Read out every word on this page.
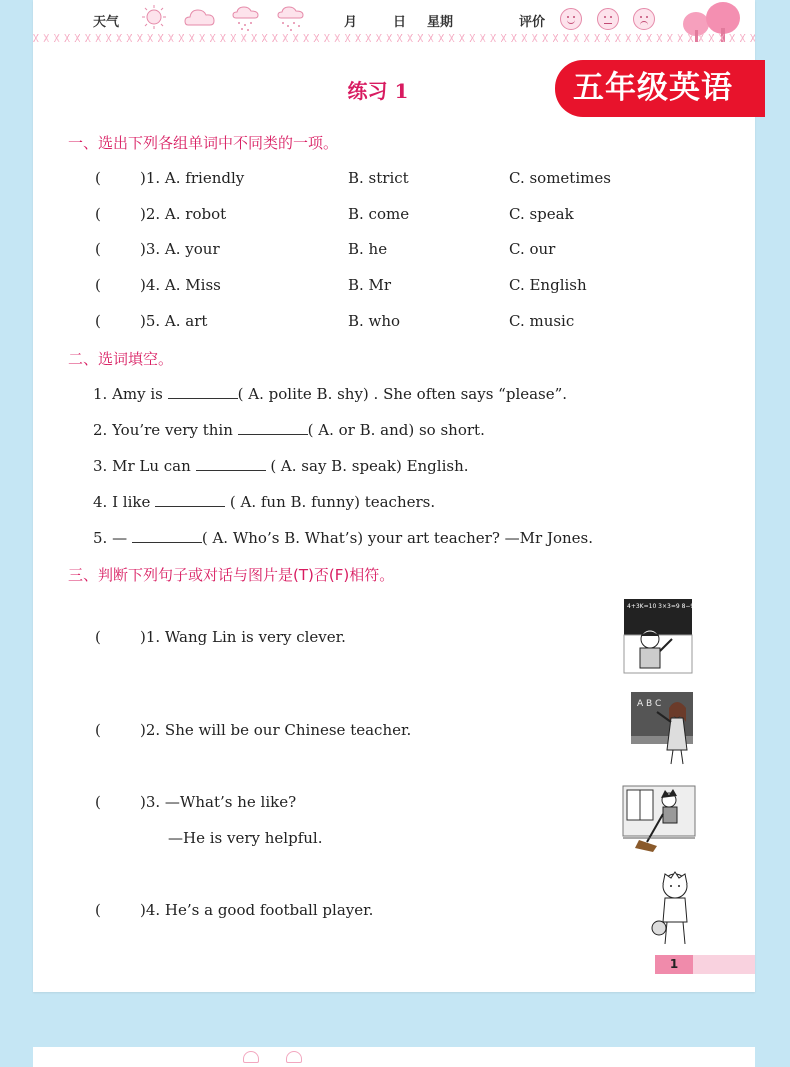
天气	月	日 星期	评价
练习 1	五年级英语
一、选出下列各组单词中不同类的一项。
(	)1. A. friendly	B. strict	C. sometimes
(	)2. A. robot	B. come	C. speak
(	)3. A. your	B. he	C. our
(	)4. A. Miss	B. Mr	C. English
(	)5. A. art	B. who	C. music
二、选词填空。
1. Amy is	( A. polite B. shy) . She often says “please”.
2. You’re very thin	( A. or B. and) so short.
3. Mr Lu can	( A. say B. speak) English.
4. I like	( A. fun B. funny) teachers.
5. —	( A. Who’s B. What’s) your art teacher? —Mr Jones.
三、判断下列句子或对话与图片是(T)否(F)相符。
(	)1. Wang Lin is very clever.
(	)2. She will be our Chinese teacher.
(	)3. —What’s he like?
—He is very helpful.
(	)4. He’s a good football player.
4+3K=10 3×3=9 8−9+1
A B C
1
